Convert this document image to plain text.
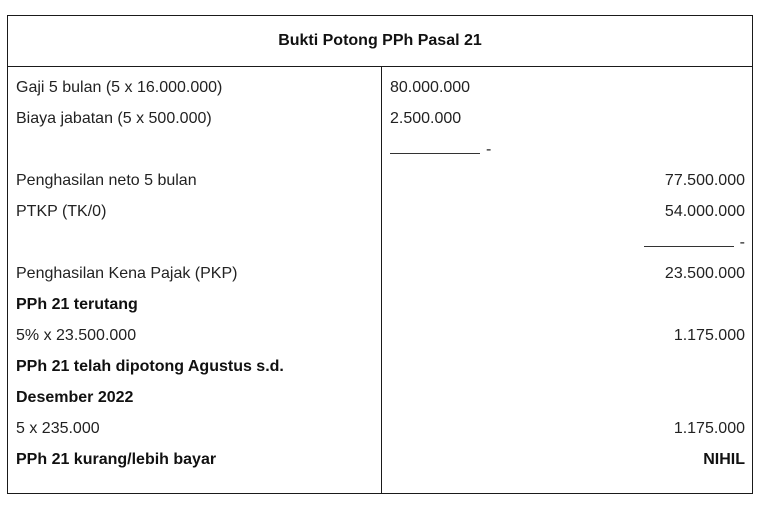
Bukti Potong PPh Pasal 21
Gaji 5 bulan (5 x 16.000.000)	80.000.000
Biaya jabatan (5 x 500.000)	2.500.000
-
Penghasilan neto 5 bulan	77.500.000
PTKP (TK/0)	54.000.000
-
Penghasilan Kena Pajak (PKP)	23.500.000
PPh 21 terutang
5% x 23.500.000	1.175.000
PPh 21 telah dipotong Agustus s.d.
Desember 2022
5 x 235.000	1.175.000
PPh 21 kurang/lebih bayar	NIHIL
